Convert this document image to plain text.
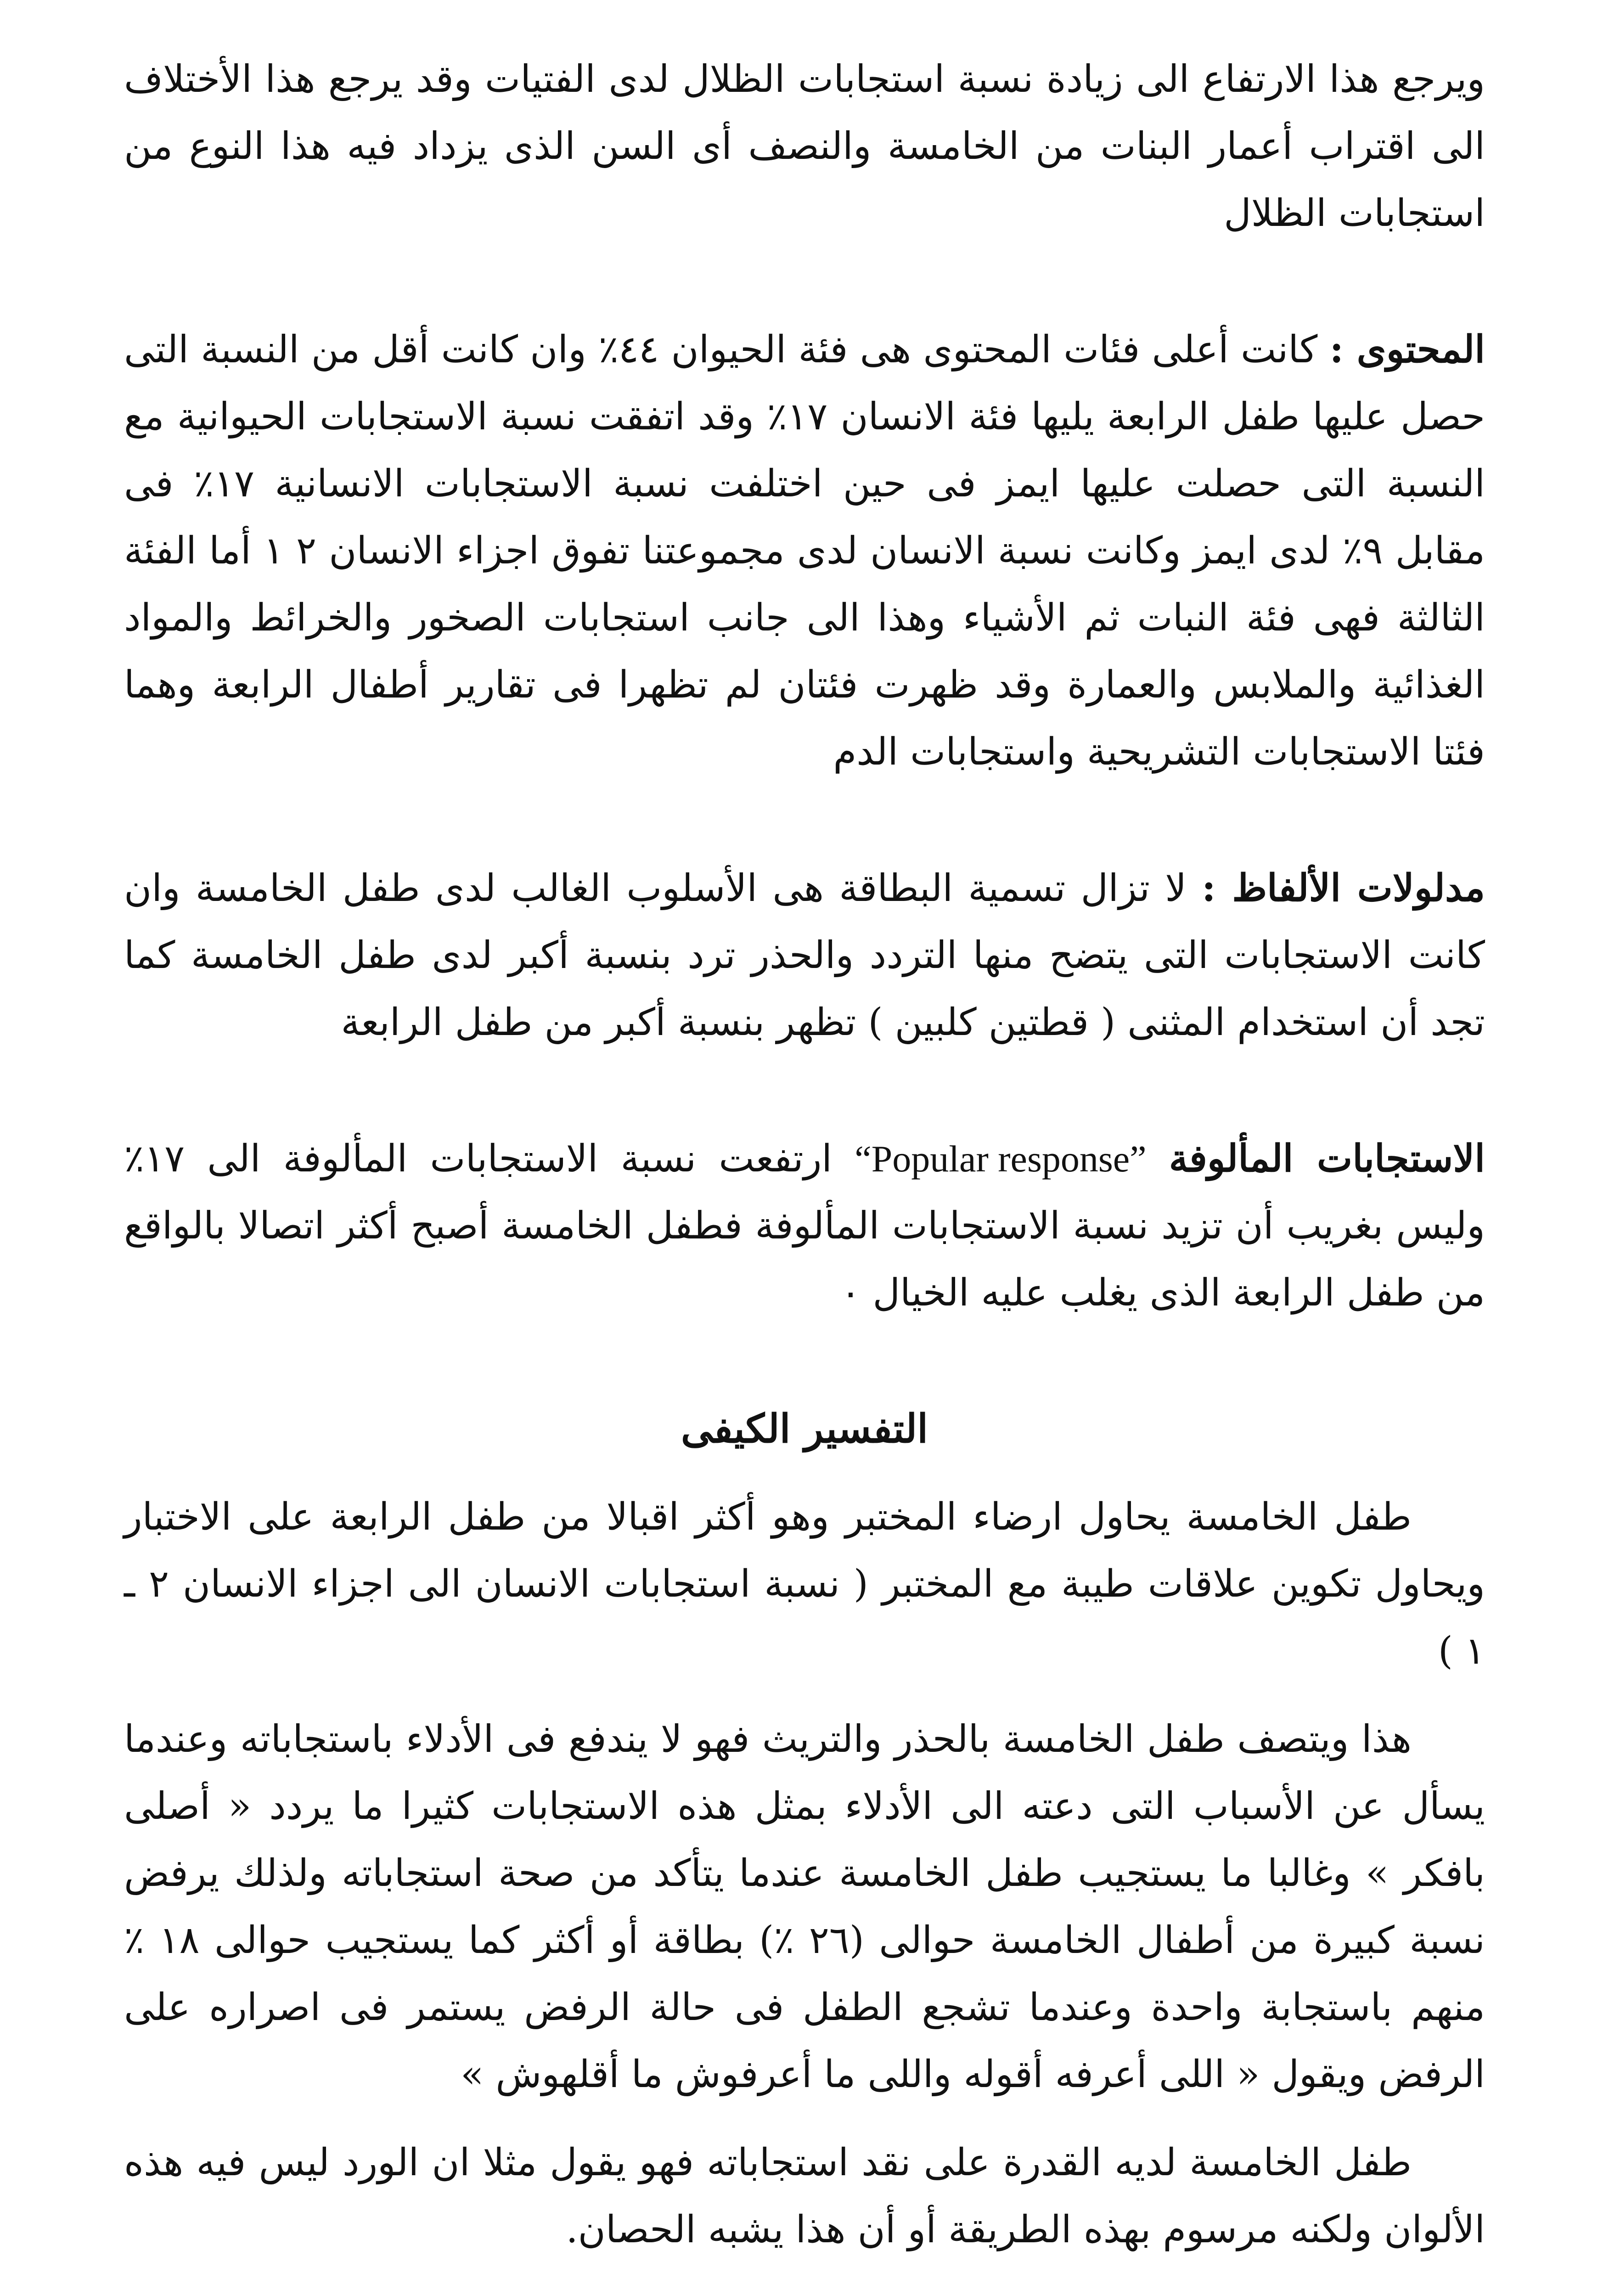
ويرجع هذا الارتفاع الى زيادة نسبة استجابات الظلال لدى الفتيات وقد يرجع هذا الأختلاف الى اقتراب أعمار البنات من الخامسة والنصف أى السن الذى يزداد فيه هذا النوع من استجابات الظلال

المحتوى : كانت أعلى فئات المحتوى هى فئة الحيوان ٤٤٪ وان كانت أقل من النسبة التى حصل عليها طفل الرابعة يليها فئة الانسان ١٧٪ وقد اتفقت نسبة الاستجابات الحيوانية مع النسبة التى حصلت عليها ايمز فى حين اختلفت نسبة الاستجابات الانسانية ١٧٪ فى مقابل ٩٪ لدى ايمز وكانت نسبة الانسان لدى مجموعتنا تفوق اجزاء الانسان ٢ ١ أما الفئة الثالثة فهى فئة النبات ثم الأشياء وهذا الى جانب استجابات الصخور والخرائط والمواد الغذائية والملابس والعمارة وقد ظهرت فئتان لم تظهرا فى تقارير أطفال الرابعة وهما فئتا الاستجابات التشريحية واستجابات الدم

مدلولات الألفاظ : لا تزال تسمية البطاقة هى الأسلوب الغالب لدى طفل الخامسة وان كانت الاستجابات التى يتضح منها التردد والحذر ترد بنسبة أكبر لدى طفل الخامسة كما تجد أن استخدام المثنى ( قطتين كلبين ) تظهر بنسبة أكبر من طفل الرابعة

الاستجابات المألوفة “Popular response” ارتفعت نسبة الاستجابات المألوفة الى ١٧٪ وليس بغريب أن تزيد نسبة الاستجابات المألوفة فطفل الخامسة أصبح أكثر اتصالا بالواقع من طفل الرابعة الذى يغلب عليه الخيال ٠

التفسير الكيفى

طفل الخامسة يحاول ارضاء المختبر وهو أكثر اقبالا من طفل الرابعة على الاختبار ويحاول تكوين علاقات طيبة مع المختبر ( نسبة استجابات الانسان الى اجزاء الانسان ٢ ـ ١ )

هذا ويتصف طفل الخامسة بالحذر والتريث فهو لا يندفع فى الأدلاء باستجاباته وعندما يسأل عن الأسباب التى دعته الى الأدلاء بمثل هذه الاستجابات كثيرا ما يردد « أصلى بافكر » وغالبا ما يستجيب طفل الخامسة عندما يتأكد من صحة استجاباته ولذلك يرفض نسبة كبيرة من أطفال الخامسة حوالى (٢٦ ٪) بطاقة أو أكثر كما يستجيب حوالى ١٨ ٪ منهم باستجابة واحدة وعندما تشجع الطفل فى حالة الرفض يستمر فى اصراره على الرفض ويقول « اللى أعرفه أقوله واللى ما أعرفوش ما أقلهوش »

طفل الخامسة لديه القدرة على نقد استجاباته فهو يقول مثلا ان الورد ليس فيه هذه الألوان ولكنه مرسوم بهذه الطريقة أو أن هذا يشبه الحصان.
